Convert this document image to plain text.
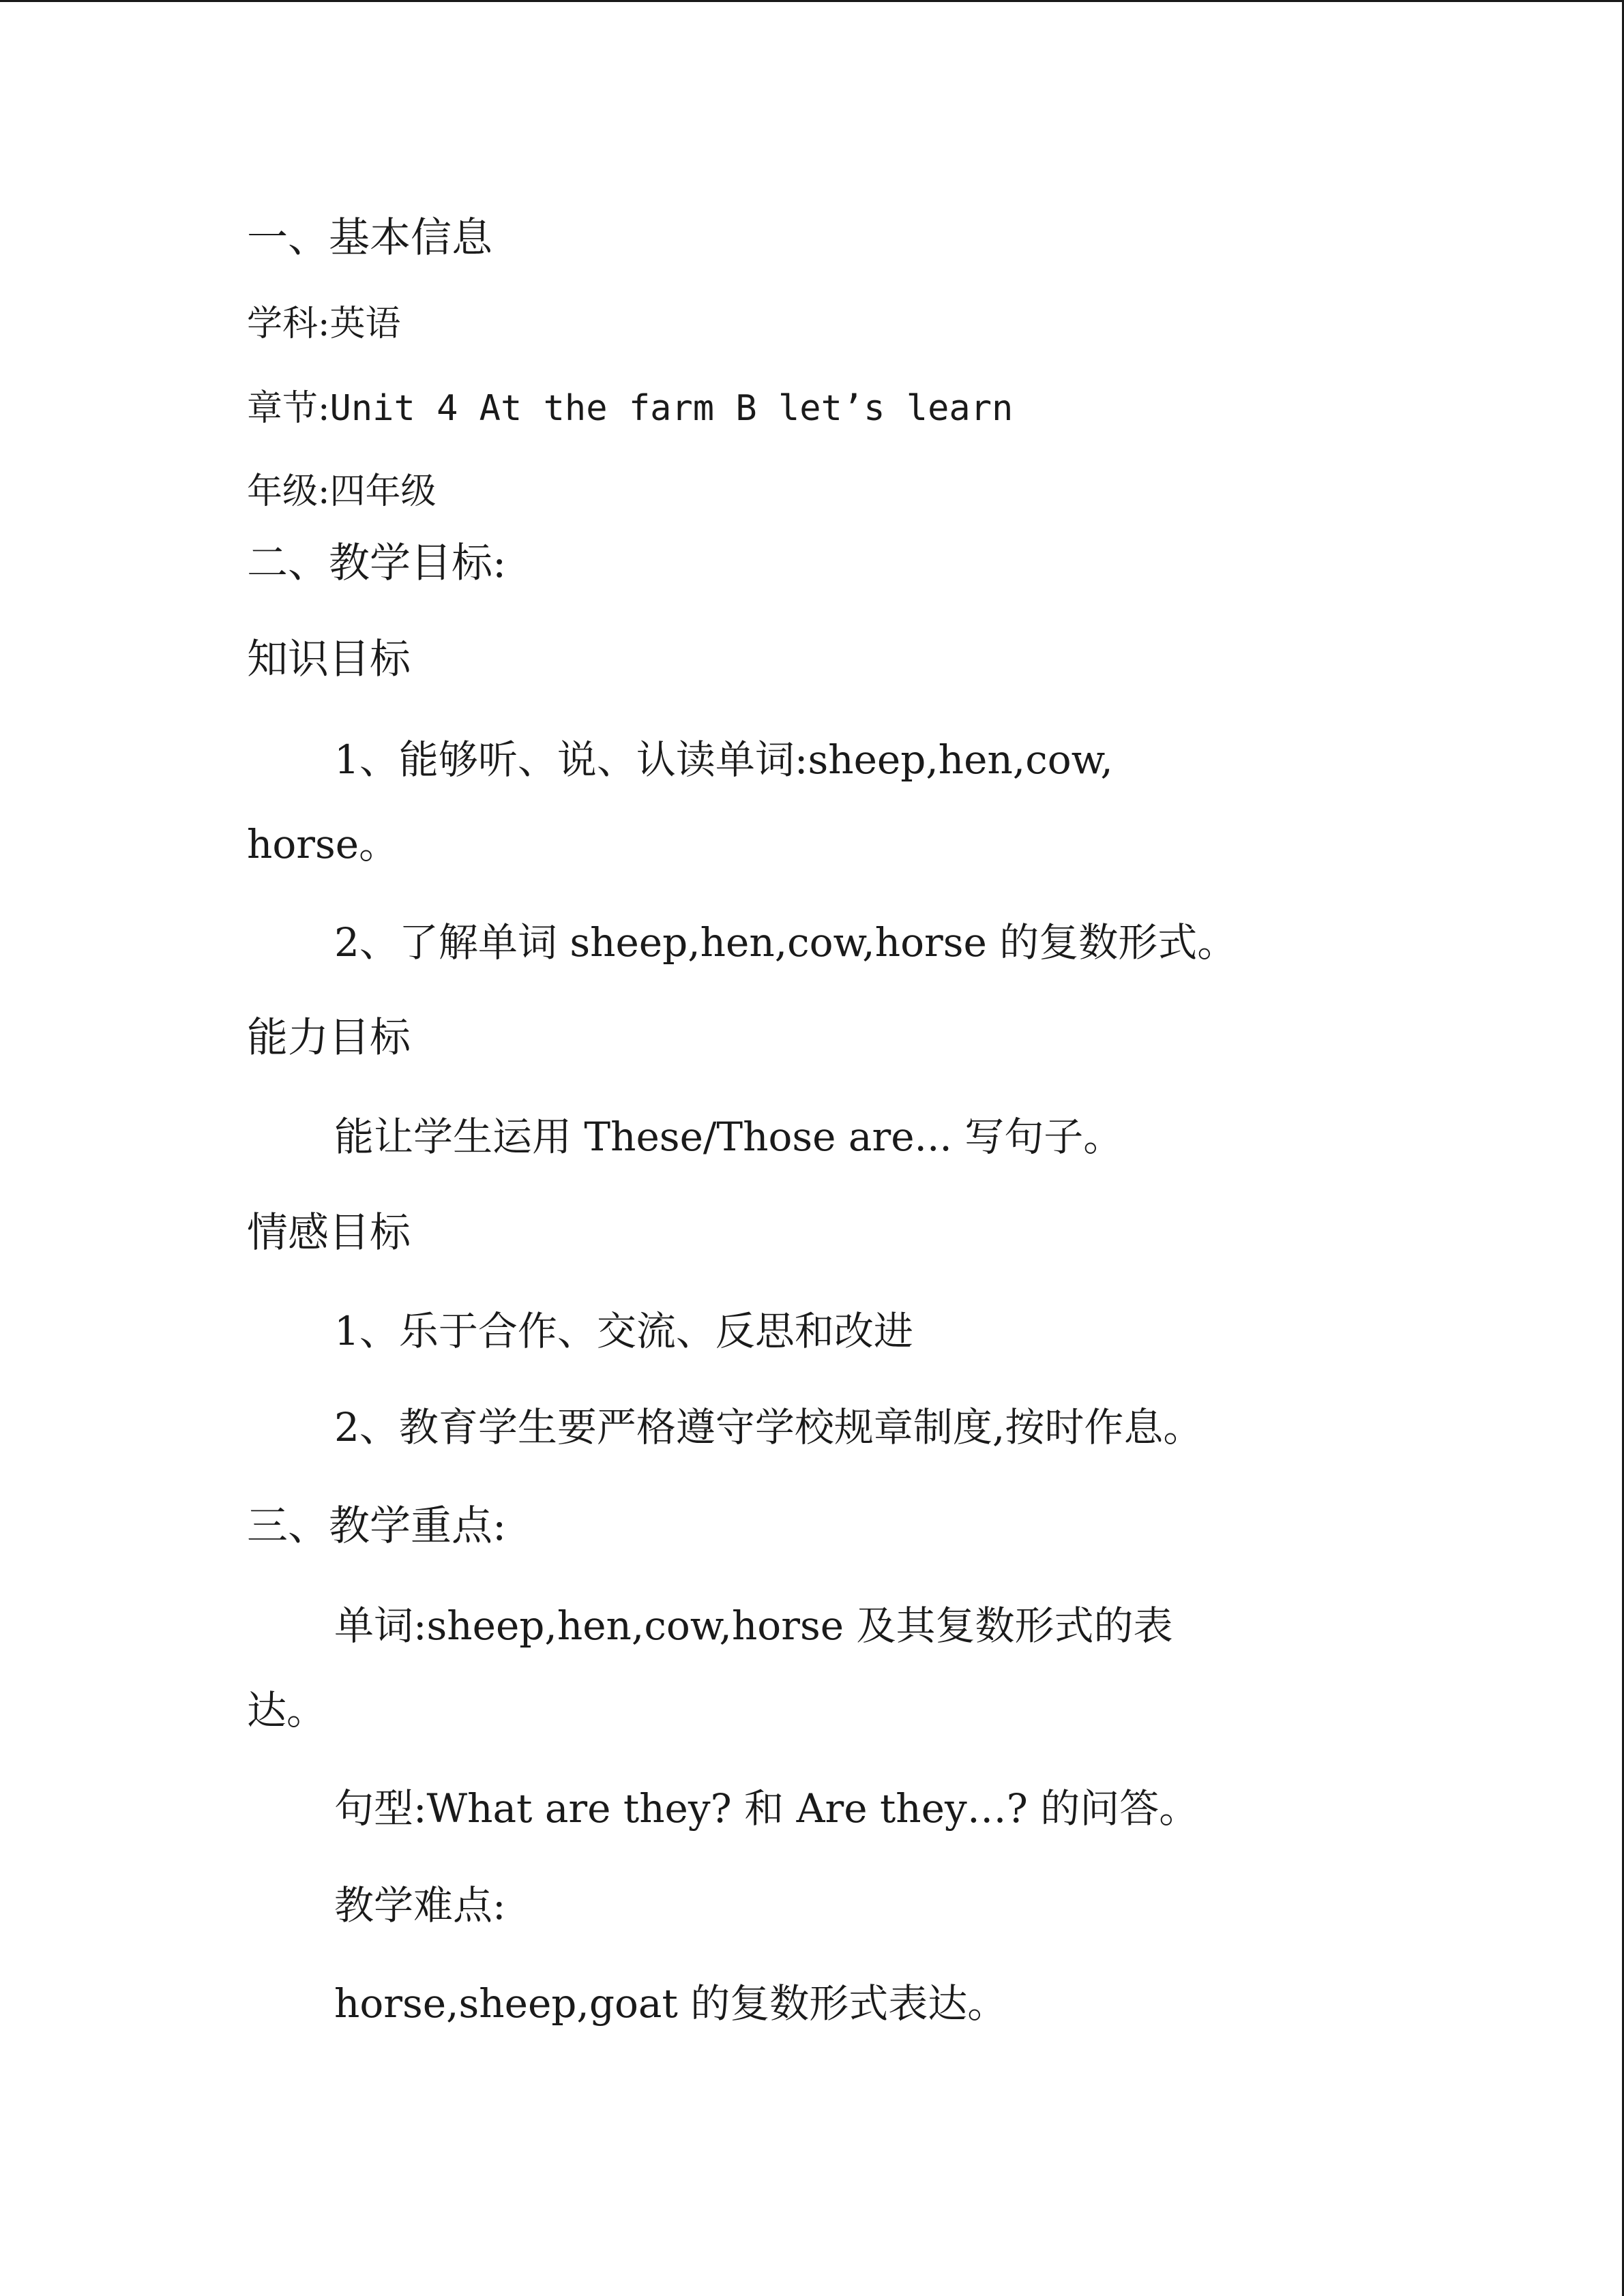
一、基本信息

学科:英语

章节:Unit 4 At the farm B let’s learn

年级:四年级

二、教学目标:

知识目标

1、能够听、说、认读单词:sheep,hen,cow,

horse。

2、了解单词 sheep,hen,cow,horse 的复数形式。

能力目标

能让学生运用 These/Those are... 写句子。

情感目标

1、乐于合作、交流、反思和改进

2、教育学生要严格遵守学校规章制度,按时作息。

三、教学重点:

单词:sheep,hen,cow,horse 及其复数形式的表

达。

句型:What are they? 和 Are they…? 的问答。

教学难点:

horse,sheep,goat 的复数形式表达。
